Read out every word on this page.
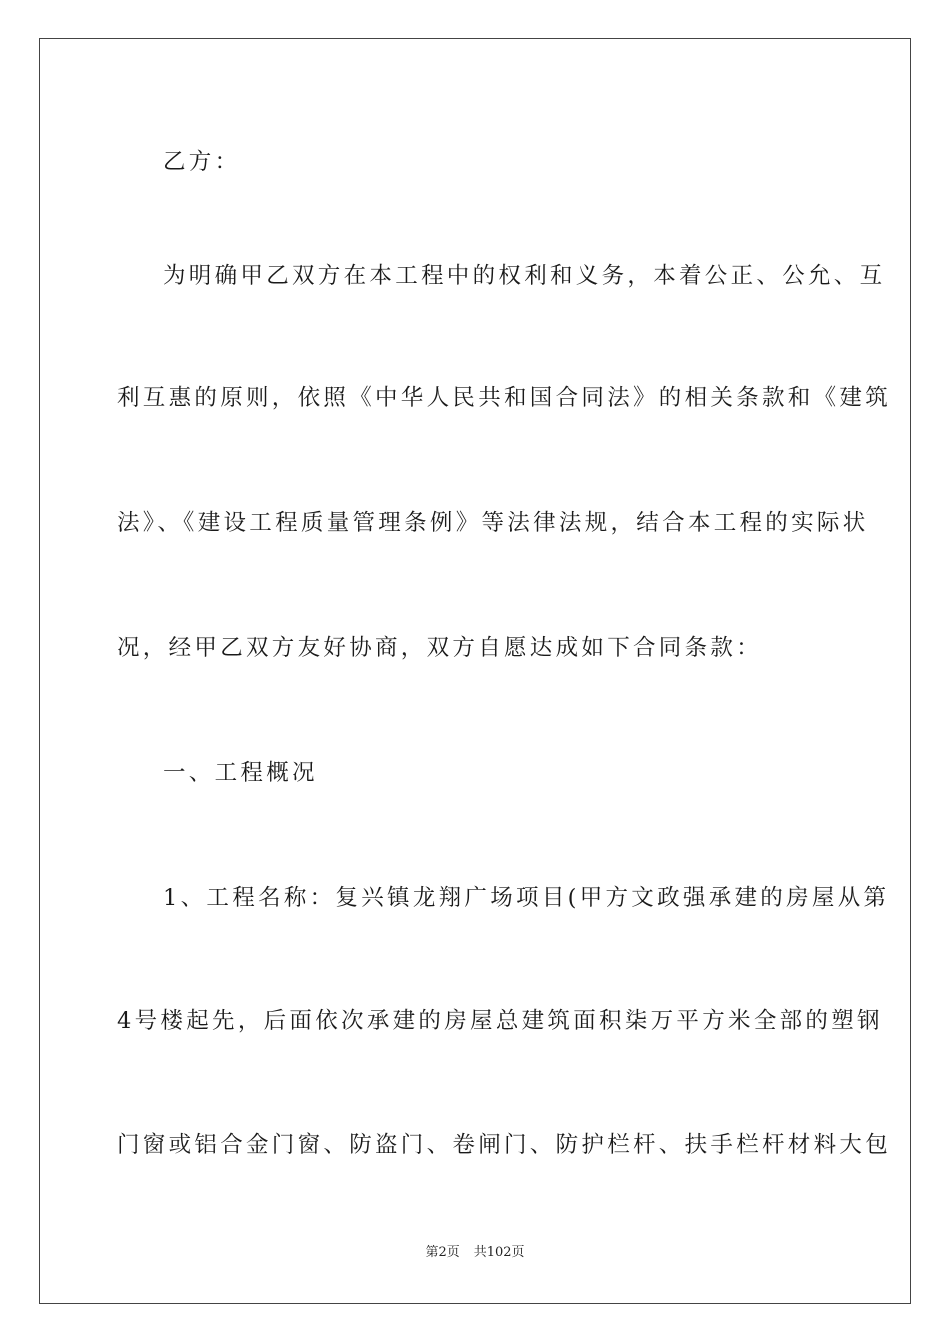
乙方：
为明确甲乙双方在本工程中的权利和义务，本着公正、公允、互
利互惠的原则，依照《中华人民共和国合同法》的相关条款和《建筑
法》、《建设工程质量管理条例》等法律法规，结合本工程的实际状
况，经甲乙双方友好协商，双方自愿达成如下合同条款：
一、工程概况
1、工程名称：复兴镇龙翔广场项目(甲方文政强承建的房屋从第
4号楼起先，后面依次承建的房屋总建筑面积柒万平方米全部的塑钢
门窗或铝合金门窗、防盗门、卷闸门、防护栏杆、扶手栏杆材料大包
第2页 共102页
